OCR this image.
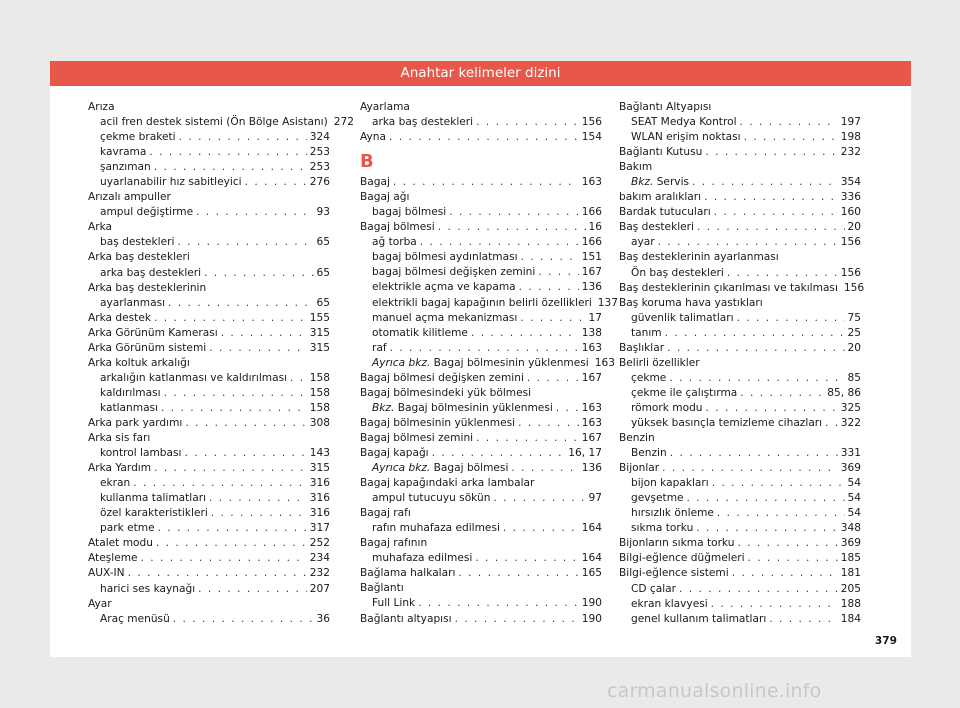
Anahtar kelimeler dizini
Arıza
acil fren destek sistemi (Ön Bölge Asistanı) 272
çekme braketi . . .	324
kavrama . . .	253
şanzıman . . .	253
uyarlanabilir hız sabitleyici . . .	276
Arızalı ampuller
ampul değiştirme . . .	93
Arka
baş destekleri . . .	65
Arka baş destekleri
arka baş destekleri . . .	65
Arka baş desteklerinin
ayarlanması . . .	65
Arka destek . . .	155
Arka Görünüm Kamerası . . .	315
Arka Görünüm sistemi . . .	315
Arka koltuk arkalığı
arkalığın katlanması ve kaldırılması . . . 158
kaldırılması . . .	158
katlanması . . .	158
Arka park yardımı . . .	308
Arka sis farı
kontrol lambası . . .	143
Arka Yardım . . .	315
ekran . . .	316
kullanma talimatları . . .	316
özel karakteristikleri . . .	316
park etme . . .	317
Atalet modu . . .	252
Ateşleme . . .	234
AUX-IN . . .	232
harici ses kaynağı . . .	207
Ayar
Araç menüsü . . .	36
Ayarlama
arka baş destekleri . . .	156
Ayna . . .	154
B
Bagaj . . .	163
Bagaj ağı
bagaj bölmesi . . .	166
Bagaj bölmesi . . .	16
ağ torba . . .	166
bagaj bölmesi aydınlatması . . .	151
bagaj bölmesi değişken zemini . . .	167
elektrikle açma ve kapama . . .	136
elektrikli bagaj kapağının belirli özellikleri 137
manuel açma mekanizması . . .	17
otomatik kilitleme . . .	138
raf . . .	163
Ayrıca bkz. Bagaj bölmesinin yüklenmesi 163
Bagaj bölmesi değişken zemini . . .	167
Bagaj bölmesindeki yük bölmesi
Bkz. Bagaj bölmesinin yüklenmesi . . .	163
Bagaj bölmesinin yüklenmesi . . .	163
Bagaj bölmesi zemini . . .	167
Bagaj kapağı . . .	16, 17
Ayrıca bkz. Bagaj bölmesi . . .	136
Bagaj kapağındaki arka lambalar
ampul tutucuyu sökün . . .	97
Bagaj rafı
rafın muhafaza edilmesi . . .	164
Bagaj rafının
muhafaza edilmesi . . .	164
Bağlama halkaları . . .	165
Bağlantı
Full Link . . .	190
Bağlantı altyapısı . . .	190
Bağlantı Altyapısı
SEAT Medya Kontrol . . .	197
WLAN erişim noktası . . .	198
Bağlantı Kutusu . . .	232
Bakım
Bkz. Servis . . .	354
bakım aralıkları . . .	336
Bardak tutucuları . . .	160
Baş destekleri . . .	20
ayar . . .	156
Baş desteklerinin ayarlanması
Ön baş destekleri . . .	156
Baş desteklerinin çıkarılması ve takılması 156
Baş koruma hava yastıkları
güvenlik talimatları . . .	75
tanım . . .	25
Başlıklar . . .	20
Belirli özellikler
çekme . . .	85
çekme ile çalıştırma . . .	85, 86
römork modu . . .	325
yüksek basınçla temizleme cihazları . . . 322
Benzin
Benzin . . .	331
Bijonlar . . .	369
bijon kapakları . . .	54
gevşetme . . .	54
hırsızlık önleme . . .	54
sıkma torku . . .	348
Bijonların sıkma torku . . .	369
Bilgi-eğlence düğmeleri . . .	185
Bilgi-eğlence sistemi . . .	181
CD çalar . . .	205
ekran klavyesi . . .	188
genel kullanım talimatları . . .	184
379
carmanualsonline.info
